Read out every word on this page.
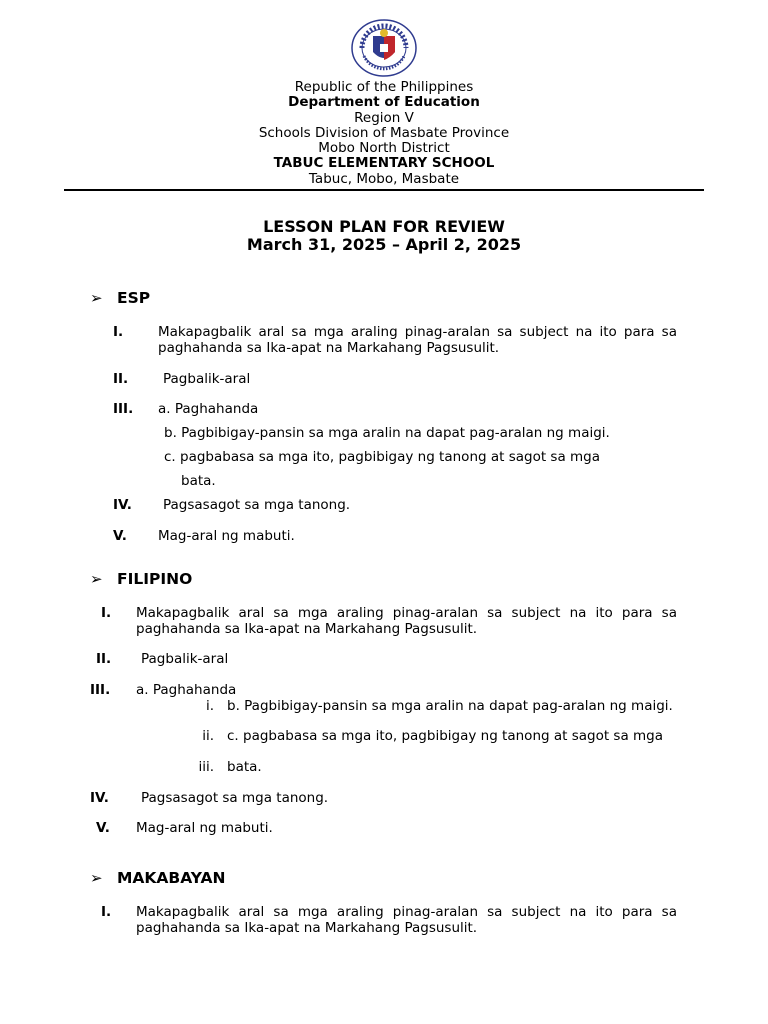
Republic of the Philippines
Department of Education
Region V
Schools Division of Masbate Province
Mobo North District
TABUC ELEMENTARY SCHOOL
Tabuc, Mobo, Masbate
LESSON PLAN FOR REVIEW
March 31, 2025 – April 2, 2025
➢ ESP
I.	Makapagbalik aral sa mga araling pinag-aralan sa subject na ito para sa paghahanda sa Ika-apat na Markahang Pagsusulit.
II.	Pagbalik-aral
III. a. Paghahanda
b. Pagbibigay-pansin sa mga aralin na dapat pag-aralan ng maigi.
c. pagbabasa sa mga ito, pagbibigay ng tanong at sagot sa mga
bata.
IV. Pagsasagot sa mga tanong.
V. Mag-aral ng mabuti.
➢ FILIPINO
I. Makapagbalik aral sa mga araling pinag-aralan sa subject na ito para sa paghahanda sa Ika-apat na Markahang Pagsusulit.
II. Pagbalik-aral
III. a. Paghahanda
i. b. Pagbibigay-pansin sa mga aralin na dapat pag-aralan ng maigi.
ii. c. pagbabasa sa mga ito, pagbibigay ng tanong at sagot sa mga
iii. bata.
IV. Pagsasagot sa mga tanong.
V. Mag-aral ng mabuti.
➢ MAKABAYAN
I. Makapagbalik aral sa mga araling pinag-aralan sa subject na ito para sa paghahanda sa Ika-apat na Markahang Pagsusulit.
